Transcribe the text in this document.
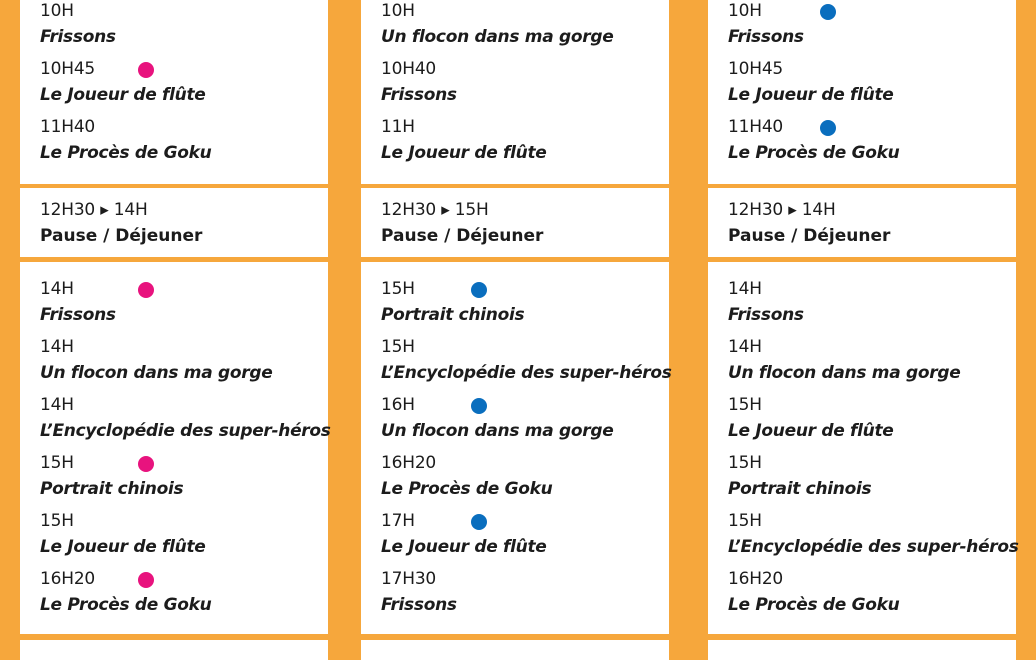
12H30 ▸ 14H
Pause / Déjeuner
10H
Frissons
10H45
Le Joueur de flûte
11H40
Le Procès de Goku
14H
Frissons
14H
Un flocon dans ma gorge
14H
L’Encyclopédie des super-héros
15H
Portrait chinois
15H
Le Joueur de flûte
16H20
Le Procès de Goku
12H30 ▸ 15H
Pause / Déjeuner
10H
Un flocon dans ma gorge
10H40
Frissons
11H
Le Joueur de flûte
15H
Portrait chinois
15H
L’Encyclopédie des super-héros
16H
Un flocon dans ma gorge
16H20
Le Procès de Goku
17H
Le Joueur de flûte
17H30
Frissons
12H30 ▸ 14H
Pause / Déjeuner
10H
Frissons
10H45
Le Joueur de flûte
11H40
Le Procès de Goku
14H
Frissons
14H
Un flocon dans ma gorge
15H
Le Joueur de flûte
15H
Portrait chinois
15H
L’Encyclopédie des super-héros
16H20
Le Procès de Goku
